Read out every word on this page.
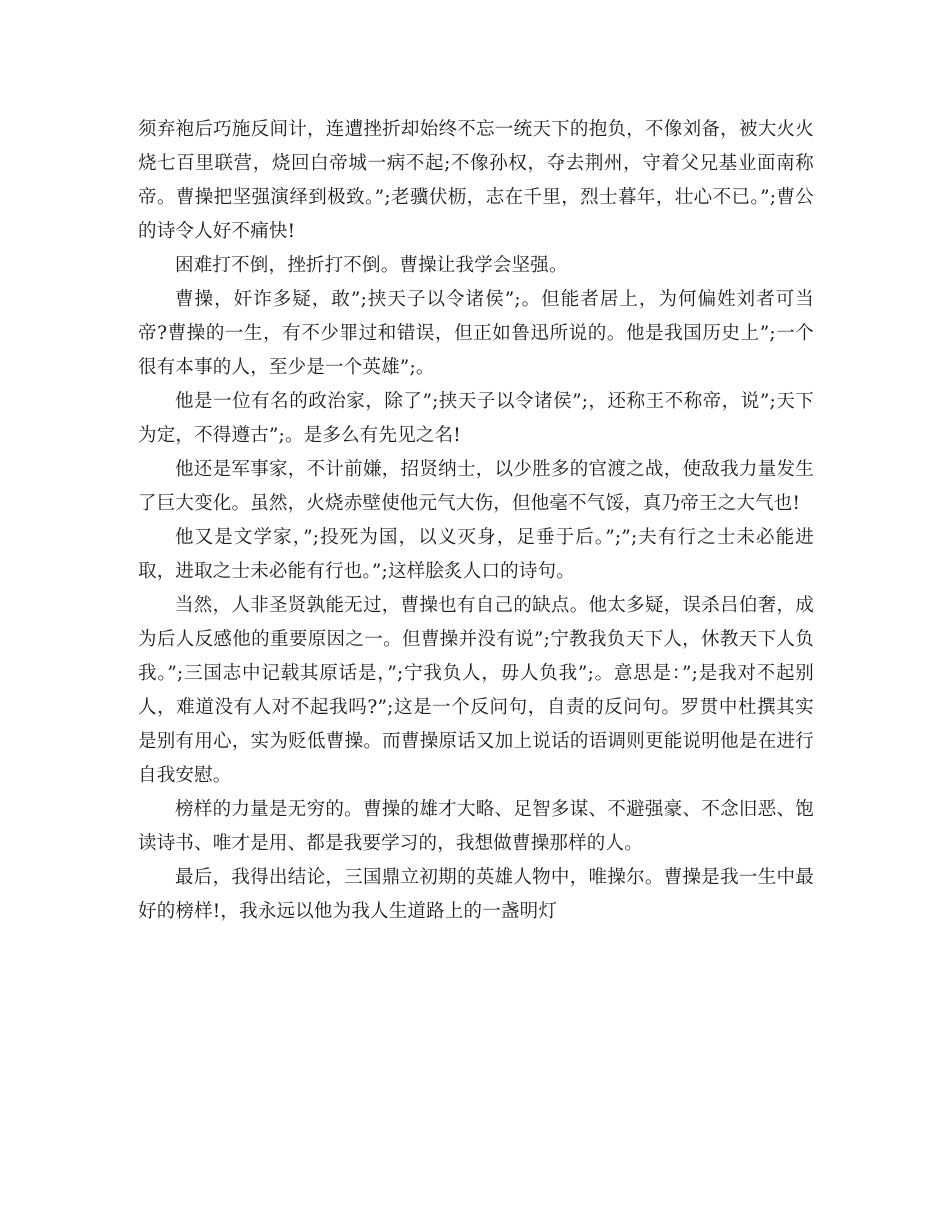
须弃袍后巧施反间计，连遭挫折却始终不忘一统天下的抱负，不像刘备，被大火火烧七百里联营，烧回白帝城一病不起;不像孙权，夺去荆州，守着父兄基业面南称帝。曹操把坚强演绎到极致。”;老骥伏枥，志在千里，烈士暮年，壮心不已。”;曹公的诗令人好不痛快!

困难打不倒，挫折打不倒。曹操让我学会坚强。

曹操，奸诈多疑，敢”;挟天子以令诸侯”;。但能者居上，为何偏姓刘者可当帝?曹操的一生，有不少罪过和错误，但正如鲁迅所说的。他是我国历史上”;一个很有本事的人，至少是一个英雄”;。

他是一位有名的政治家，除了”;挟天子以令诸侯”;，还称王不称帝，说”;天下为定，不得遵古”;。是多么有先见之名!

他还是军事家，不计前嫌，招贤纳士，以少胜多的官渡之战，使敌我力量发生了巨大变化。虽然，火烧赤壁使他元气大伤，但他毫不气馁，真乃帝王之大气也!

他又是文学家，”;投死为国，以义灭身，足垂于后。”;”;夫有行之士未必能进取，进取之士未必能有行也。”;这样脍炙人口的诗句。

当然，人非圣贤孰能无过，曹操也有自己的缺点。他太多疑，误杀吕伯奢，成为后人反感他的重要原因之一。但曹操并没有说”;宁教我负天下人，休教天下人负我。”;三国志中记载其原话是，”;宁我负人，毋人负我”;。意思是：”;是我对不起别人，难道没有人对不起我吗?”;这是一个反问句，自责的反问句。罗贯中杜撰其实是别有用心，实为贬低曹操。而曹操原话又加上说话的语调则更能说明他是在进行自我安慰。

榜样的力量是无穷的。曹操的雄才大略、足智多谋、不避强豪、不念旧恶、饱读诗书、唯才是用、都是我要学习的，我想做曹操那样的人。

最后，我得出结论，三国鼎立初期的英雄人物中，唯操尔。曹操是我一生中最好的榜样!，我永远以他为我人生道路上的一盏明灯
